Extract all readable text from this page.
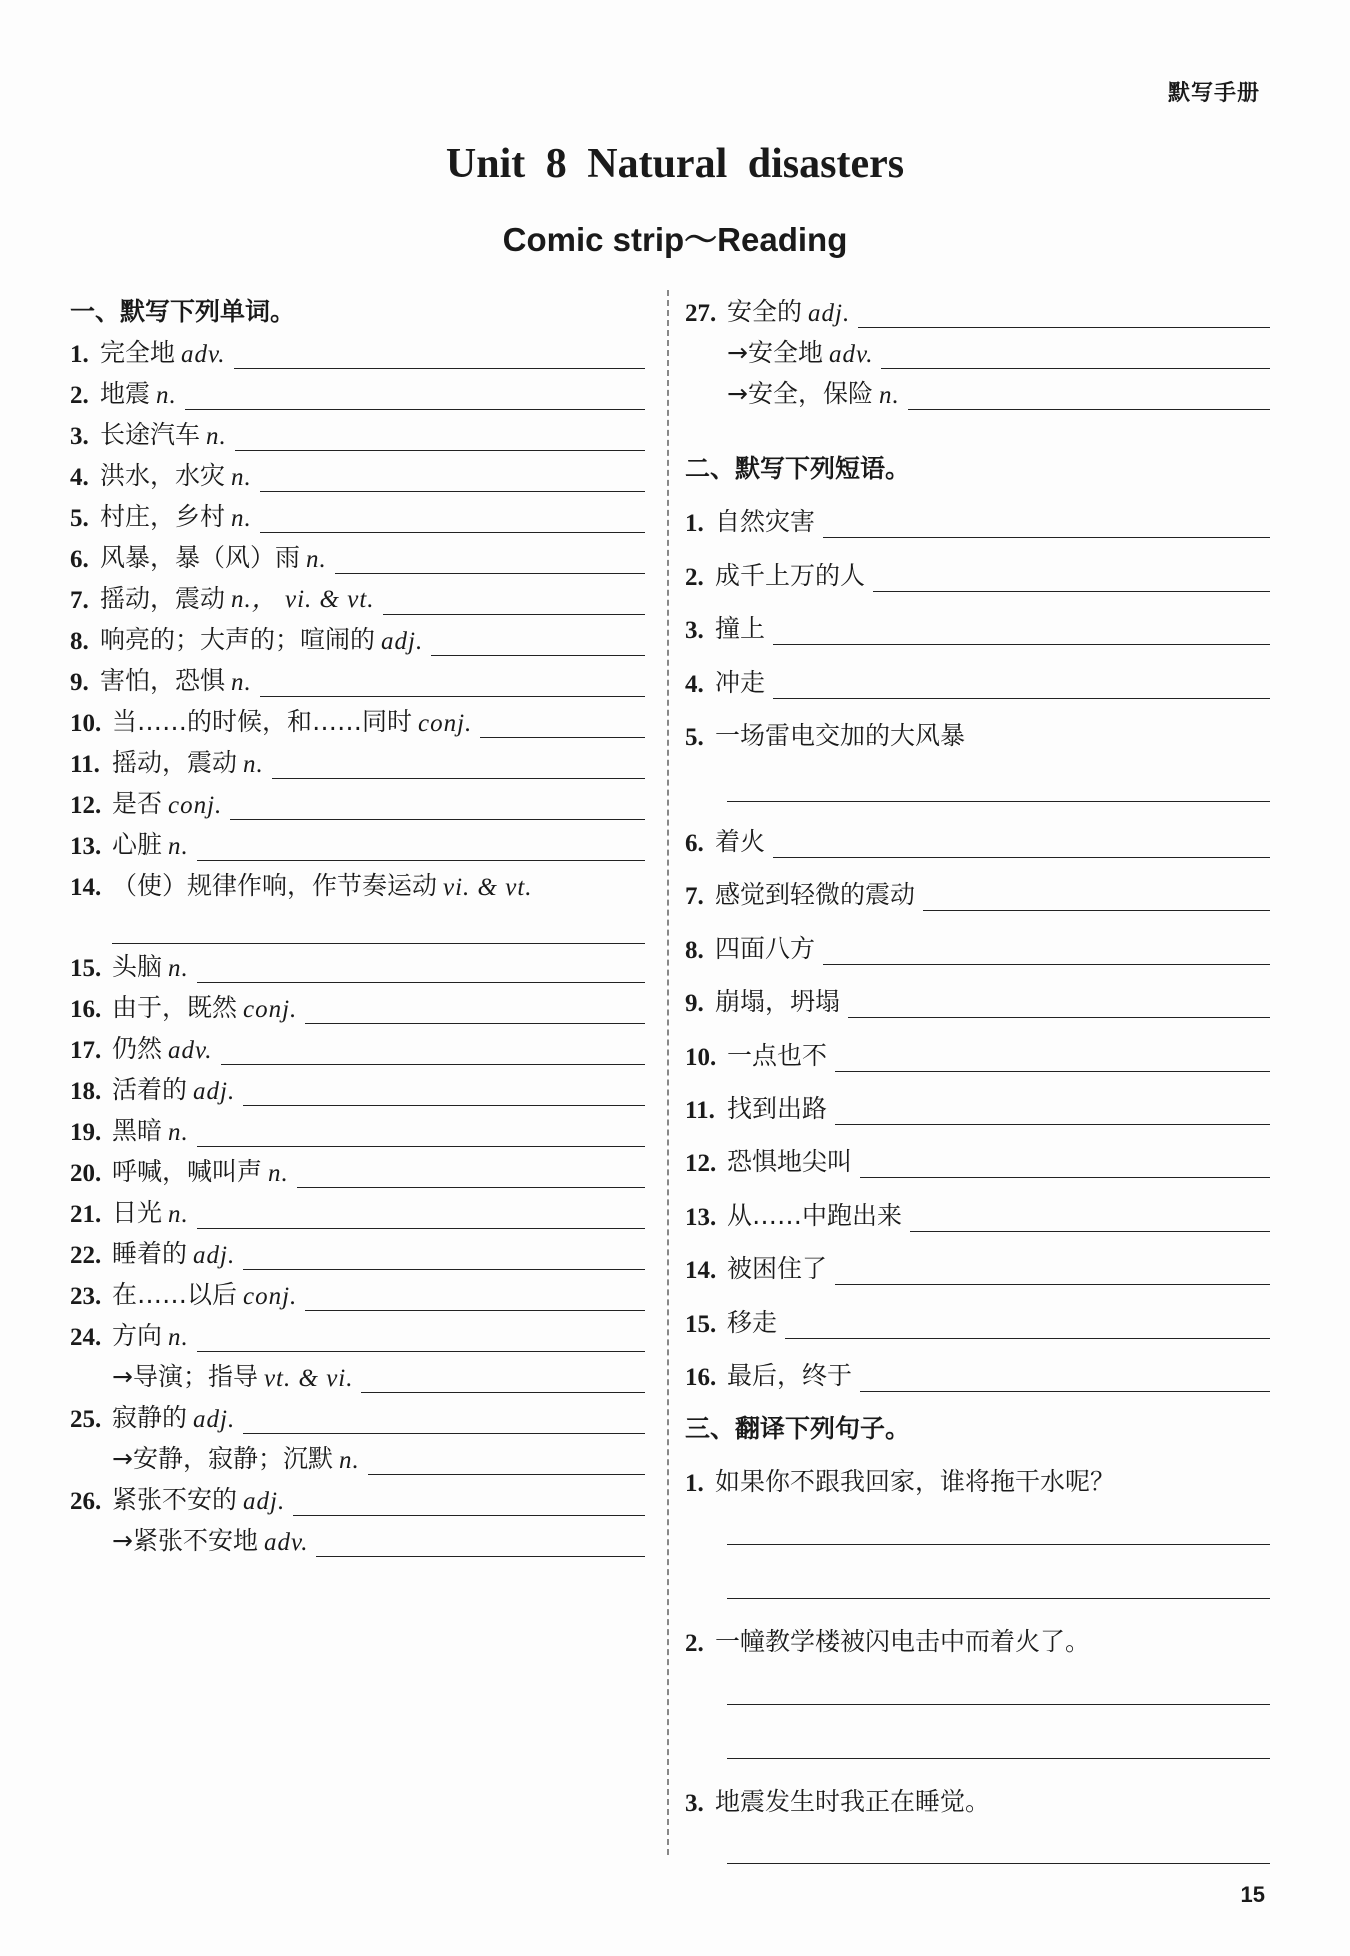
默写手册
Unit 8 Natural disasters
Comic strip～Reading
一、默写下列单词。
1. 完全地 adv.
2. 地震 n.
3. 长途汽车 n.
4. 洪水，水灾 n.
5. 村庄，乡村 n.
6. 风暴，暴（风）雨 n.
7. 摇动，震动 n.， vi. & vt.
8. 响亮的；大声的；喧闹的 adj.
9. 害怕，恐惧 n.
10. 当……的时候，和……同时 conj.
11. 摇动，震动 n.
12. 是否 conj.
13. 心脏 n.
14. （使）规律作响，作节奏运动 vi. & vt.
15. 头脑 n.
16. 由于，既然 conj.
17. 仍然 adv.
18. 活着的 adj.
19. 黑暗 n.
20. 呼喊，喊叫声 n.
21. 日光 n.
22. 睡着的 adj.
23. 在……以后 conj.
24. 方向 n.
→导演；指导 vt. & vi.
25. 寂静的 adj.
→安静，寂静；沉默 n.
26. 紧张不安的 adj.
→紧张不安地 adv.
27. 安全的 adj.
→安全地 adv.
→安全，保险 n.
二、默写下列短语。
1. 自然灾害
2. 成千上万的人
3. 撞上
4. 冲走
5. 一场雷电交加的大风暴
6. 着火
7. 感觉到轻微的震动
8. 四面八方
9. 崩塌，坍塌
10. 一点也不
11. 找到出路
12. 恐惧地尖叫
13. 从……中跑出来
14. 被困住了
15. 移走
16. 最后，终于
三、翻译下列句子。
1. 如果你不跟我回家，谁将拖干水呢？
2. 一幢教学楼被闪电击中而着火了。
3. 地震发生时我正在睡觉。
15
